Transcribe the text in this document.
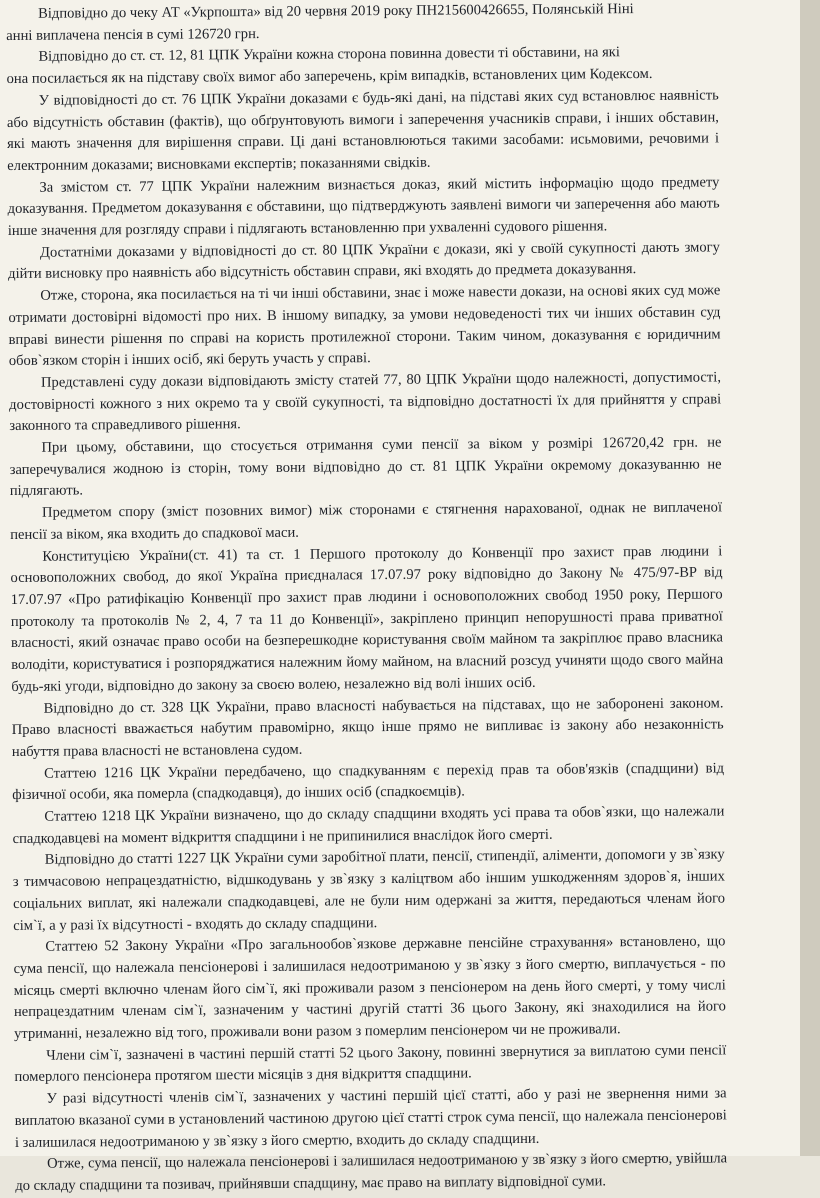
Відповідно до чеку АТ «Укрпошта» від 20 червня 2019 року ПН215600426655, Полянській Ніні

анні виплачена пенсія в сумі 126720 грн.

Відповідно до ст. ст. 12, 81 ЦПК України кожна сторона повинна довести ті обставини, на які

она посилається як на підставу своїх вимог або заперечень, крім випадків, встановлених цим Кодексом.

У відповідності до ст. 76 ЦПК України доказами є будь-які дані, на підставі яких суд встановлює наявність або відсутність обставин (фактів), що обґрунтовують вимоги і заперечення учасників справи, і інших обставин, які мають значення для вирішення справи. Ці дані встановлюються такими засобами: исьмовими, речовими і електронним доказами; висновками експертів; показаннями свідків.

За змістом ст. 77 ЦПК України належним визнається доказ, який містить інформацію щодо предмету доказування. Предметом доказування є обставини, що підтверджують заявлені вимоги чи заперечення або мають інше значення для розгляду справи і підлягають встановленню при ухваленні судового рішення.

Достатніми доказами у відповідності до ст. 80 ЦПК України є докази, які у своїй сукупності дають змогу дійти висновку про наявність або відсутність обставин справи, які входять до предмета доказування.

Отже, сторона, яка посилається на ті чи інші обставини, знає і може навести докази, на основі яких суд може отримати достовірні відомості про них. В іншому випадку, за умови недоведеності тих чи інших обставин суд вправі винести рішення по справі на користь протилежної сторони. Таким чином, доказування є юридичним обов`язком сторін і інших осіб, які беруть участь у справі.

Представлені суду докази відповідають змісту статей 77, 80 ЦПК України щодо належності, допустимості, достовірності кожного з них окремо та у своїй сукупності, та відповідно достатності їх для прийняття у справі законного та справедливого рішення.

При цьому, обставини, що стосується отримання суми пенсії за віком у розмірі 126720,42 грн. не заперечувалися жодною із сторін, тому вони відповідно до ст. 81 ЦПК України окремому доказуванню не підлягають.

Предметом спору (зміст позовних вимог) між сторонами є стягнення нарахованої, однак не виплаченої пенсії за віком, яка входить до спадкової маси.

Конституцією України(ст. 41) та ст. 1 Першого протоколу до Конвенції про захист прав людини і основоположних свобод, до якої Україна приєдналася 17.07.97 року відповідно до Закону № 475/97-ВР від 17.07.97 «Про ратифікацію Конвенції про захист прав людини і основоположних свобод 1950 року, Першого протоколу та протоколів № 2, 4, 7 та 11 до Конвенції», закріплено принцип непорушності права приватної власності, який означає право особи на безперешкодне користування своїм майном та закріплює право власника володіти, користуватися і розпоряджатися належним йому майном, на власний розсуд учиняти щодо свого майна будь-які угоди, відповідно до закону за своєю волею, незалежно від волі інших осіб.

Відповідно до ст. 328 ЦК України, право власності набувається на підставах, що не заборонені законом. Право власності вважається набутим правомірно, якщо інше прямо не випливає із закону або незаконність набуття права власності не встановлена судом.

Статтею 1216 ЦК України передбачено, що спадкуванням є перехід прав та обов'язків (спадщини) від фізичної особи, яка померла (спадкодавця), до інших осіб (спадкоємців).

Статтею 1218 ЦК України визначено, що до складу спадщини входять усі права та обов`язки, що належали спадкодавцеві на момент відкриття спадщини і не припинилися внаслідок його смерті.

Відповідно до статті 1227 ЦК України суми заробітної плати, пенсії, стипендії, аліменти, допомоги у зв`язку з тимчасовою непрацездатністю, відшкодувань у зв`язку з каліцтвом або іншим ушкодженням здоров`я, інших соціальних виплат, які належали спадкодавцеві, але не були ним одержані за життя, передаються членам його сім`ї, а у разі їх відсутності - входять до складу спадщини.

Статтею 52 Закону України «Про загальнообов`язкове державне пенсійне страхування» встановлено, що сума пенсії, що належала пенсіонерові і залишилася недоотриманою у зв`язку з його смертю, виплачується - по місяць смерті включно членам його сім`ї, які проживали разом з пенсіонером на день його смерті, у тому числі непрацездатним членам сім`ї, зазначеним у частині другій статті 36 цього Закону, які знаходилися на його утриманні, незалежно від того, проживали вони разом з померлим пенсіонером чи не проживали.

Члени сім`ї, зазначені в частині першій статті 52 цього Закону, повинні звернутися за виплатою суми пенсії померлого пенсіонера протягом шести місяців з дня відкриття спадщини.

У разі відсутності членів сім`ї, зазначених у частині першій цієї статті, або у разі не звернення ними за виплатою вказаної суми в установлений частиною другою цієї статті строк сума пенсії, що належала пенсіонерові і залишилася недоотриманою у зв`язку з його смертю, входить до складу спадщини.

Отже, сума пенсії, що належала пенсіонерові і залишилася недоотриманою у зв`язку з його смертю, увійшла до складу спадщини та позивач, прийнявши спадщину, має право на виплату відповідної суми.
